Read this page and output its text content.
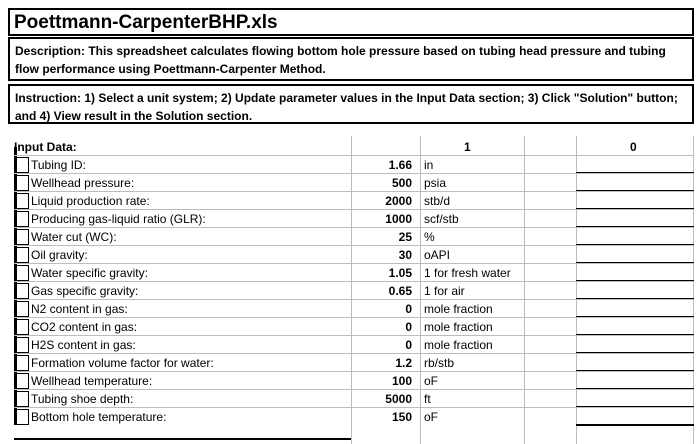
Poettmann-CarpenterBHP.xls
Description: This spreadsheet calculates flowing bottom hole pressure based on tubing head pressure and tubing flow performance using Poettmann-Carpenter Method.
Instruction: 1) Select a unit system; 2) Update parameter values in the Input Data section; 3) Click "Solution" button; and 4) View result in the Solution section.
Input Data:	1	0
Tubing ID:	1.66 in
Wellhead pressure:	500 psia
Liquid production rate:	2000 stb/d
Producing gas-liquid ratio (GLR):	1000 scf/stb
Water cut (WC):	25 %
Oil gravity:	30 oAPI
Water specific gravity:	1.05 1 for fresh water
Gas specific gravity:	0.65 1 for air
N2 content in gas:	0 mole fraction
CO2 content in gas:	0 mole fraction
H2S content in gas:	0 mole fraction
Formation volume factor for water:	1.2 rb/stb
Wellhead temperature:	100 oF
Tubing shoe depth:	5000 ft
Bottom hole temperature:	150 oF
